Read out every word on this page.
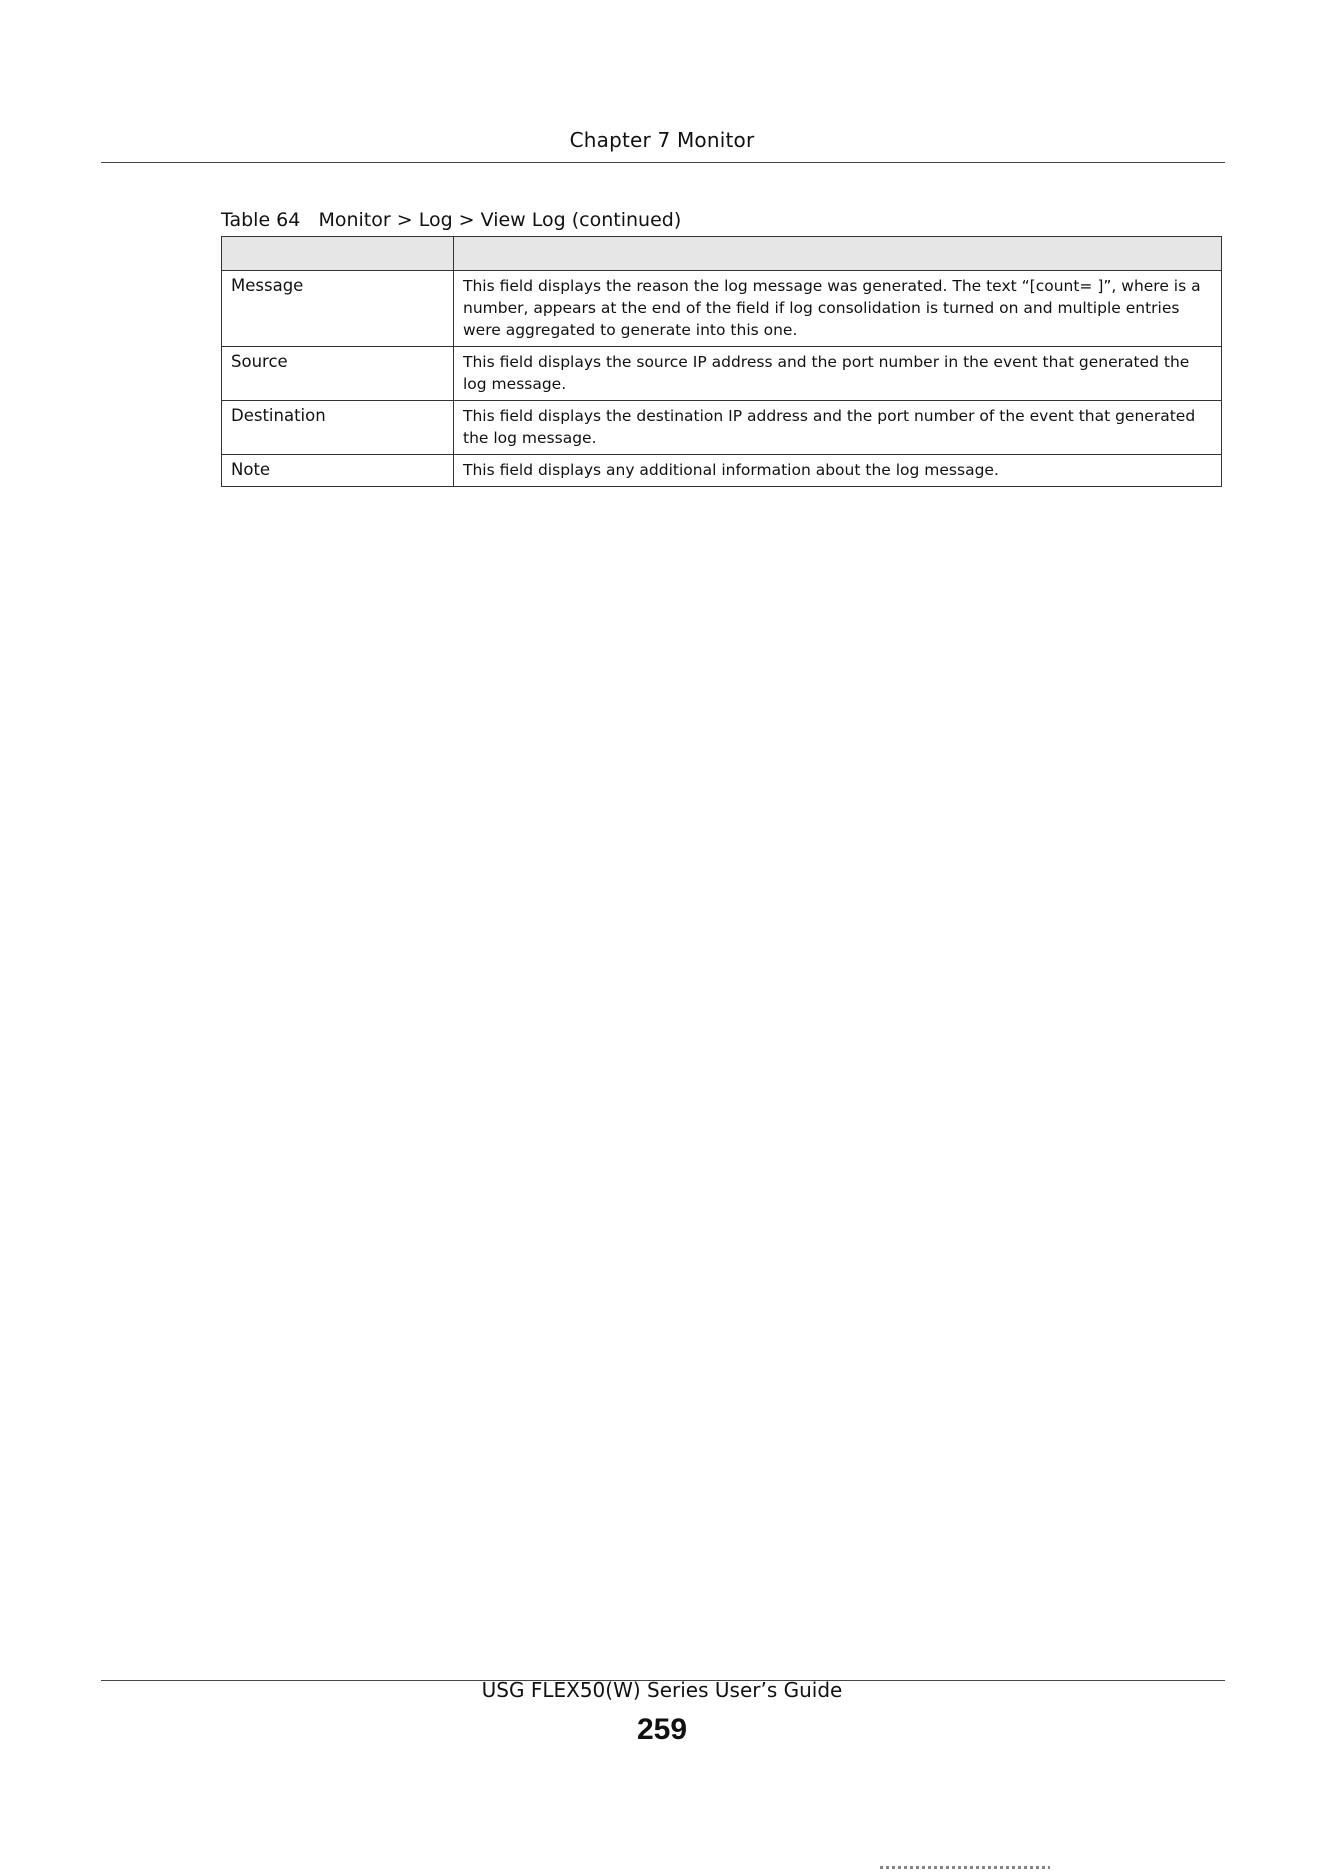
Chapter 7 Monitor
Table 64   Monitor > Log > View Log (continued)

Message	This field displays the reason the log message was generated. The text “[count= ]”, where is a number, appears at the end of the field if log consolidation is turned on and multiple entries were aggregated to generate into this one.
Source	This field displays the source IP address and the port number in the event that generated the log message.
Destination	This field displays the destination IP address and the port number of the event that generated the log message.
Note	This field displays any additional information about the log message.
USG FLEX50(W) Series User’s Guide
259
